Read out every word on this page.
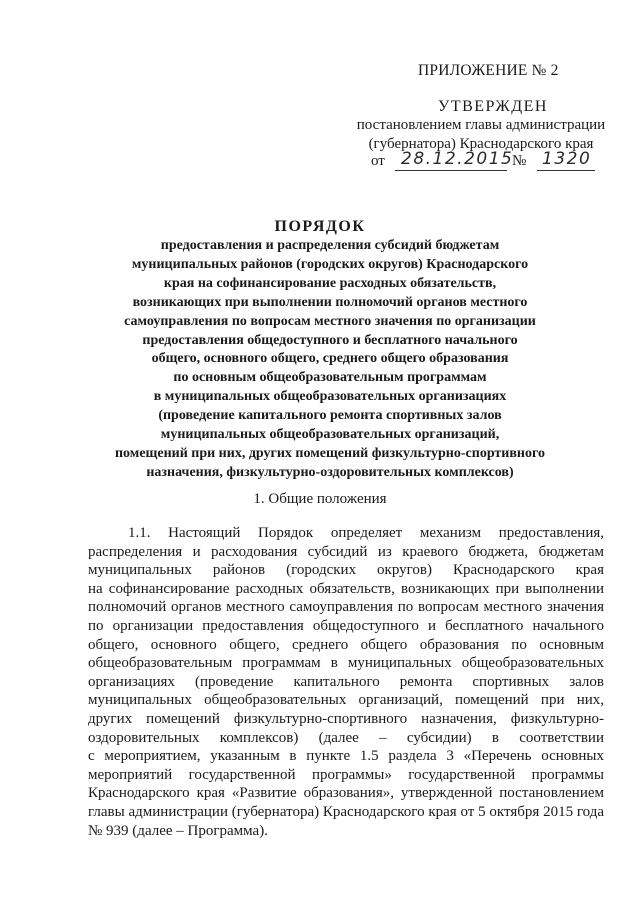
ПРИЛОЖЕНИЕ № 2
УТВЕРЖДЕН
постановлением главы администрации
(губернатора) Краснодарского края
от 28.12.2015
№ 1320
ПОРЯДОК
предоставления и распределения субсидий бюджетам
муниципальных районов (городских округов) Краснодарского
края на софинансирование расходных обязательств,
возникающих при выполнении полномочий органов местного
самоуправления по вопросам местного значения по организации
предоставления общедоступного и бесплатного начального
общего, основного общего, среднего общего образования
по основным общеобразовательным программам
в муниципальных общеобразовательных организациях
(проведение капитального ремонта спортивных залов
муниципальных общеобразовательных организаций,
помещений при них, других помещений физкультурно-спортивного
назначения, физкультурно-оздоровительных комплексов)
1. Общие положения
1.1. Настоящий Порядок определяет механизм предоставления,
распределения и расходования субсидий из краевого бюджета, бюджетам
муниципальных районов (городских округов) Краснодарского края
на софинансирование расходных обязательств, возникающих при выполнении
полномочий органов местного самоуправления по вопросам местного значения
по организации предоставления общедоступного и бесплатного начального
общего, основного общего, среднего общего образования по основным
общеобразовательным программам в муниципальных общеобразовательных
организациях (проведение капитального ремонта спортивных залов
муниципальных общеобразовательных организаций, помещений при них,
других помещений физкультурно-спортивного назначения, физкультурно-
оздоровительных комплексов) (далее – субсидии) в соответствии
с мероприятием, указанным в пункте 1.5 раздела 3 «Перечень основных
мероприятий государственной программы» государственной программы
Краснодарского края «Развитие образования», утвержденной постановлением
главы администрации (губернатора) Краснодарского края от 5 октября 2015 года
№ 939 (далее – Программа).
